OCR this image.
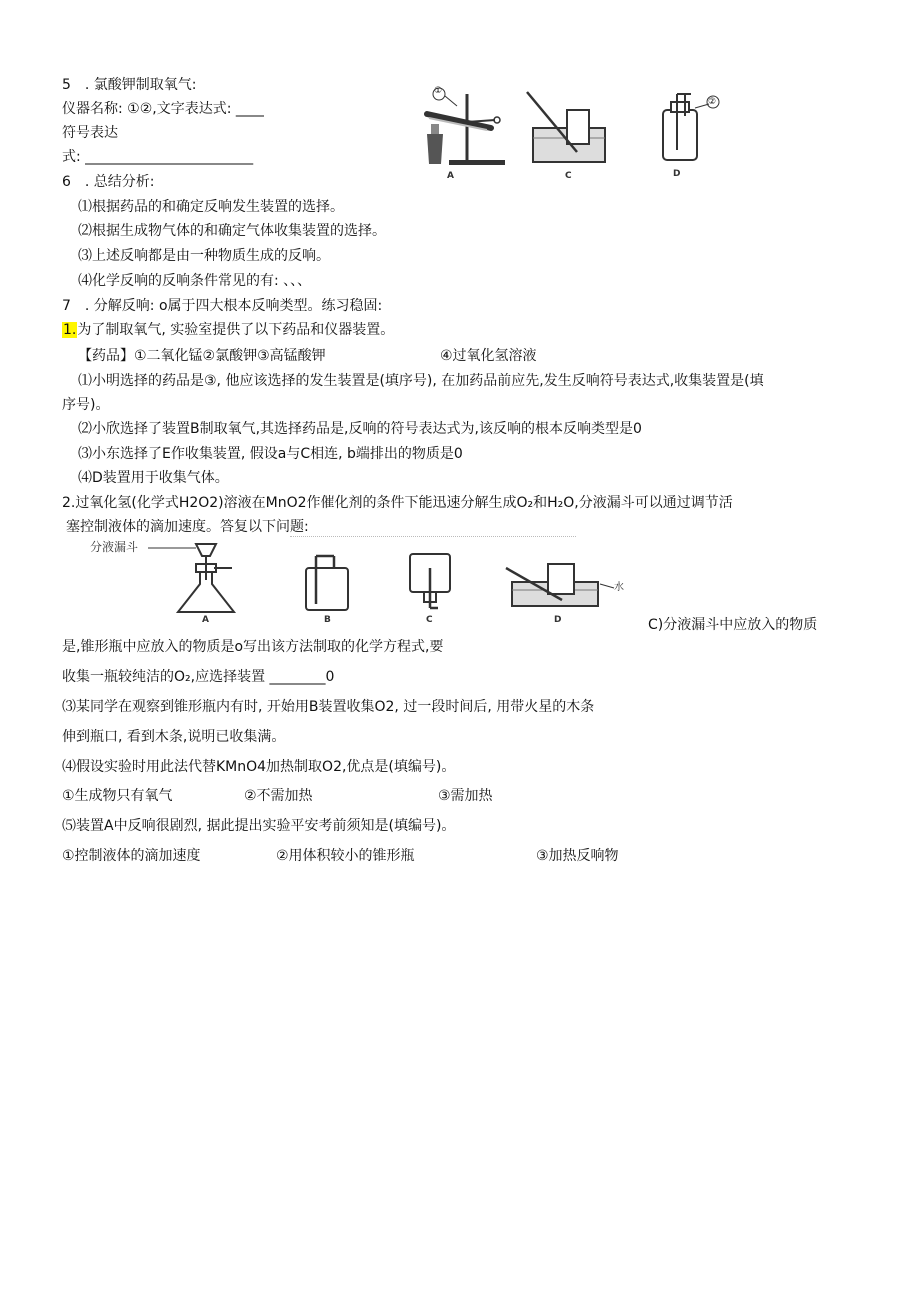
5　. 氯酸钾制取氧气:
仪器名称: ①②,文字表达式: ____
符号表达
式: ________________________
A	C	D
①
②
6　. 总结分析:
⑴根据药品的和确定反响发生装置的选择。
⑵根据生成物气体的和确定气体收集装置的选择。
⑶上述反响都是由一种物质生成的反响。
⑷化学反响的反响条件常见的有: 、、、
7　. 分解反响: o属于四大根本反响类型。练习稳固:
1.为了制取氧气, 实验室提供了以下药品和仪器装置。
【药品】①二氧化锰②氯酸钾③高锰酸钾	④过氧化氢溶液
⑴小明选择的药品是③, 他应该选择的发生装置是(填序号), 在加药品前应先,发生反响符号表达式,收集装置是(填
序号)。
⑵小欣选择了装置B制取氧气,其选择药品是,反响的符号表达式为,该反响的根本反响类型是0
⑶小东选择了E作收集装置, 假设a与C相连, b端排出的物质是0
⑷D装置用于收集气体。
2.过氧化氢(化学式H2O2)溶液在MnO2作催化剂的条件下能迅速分解生成O₂和H₂O,分液漏斗可以通过调节活
塞控制液体的滴加速度。答复以下问题:
A	B	C	D
分液漏斗
水
C)分液漏斗中应放入的物质
是,锥形瓶中应放入的物质是o写出该方法制取的化学方程式,要
收集一瓶较纯洁的O₂,应选择装置 ________0
⑶某同学在观察到锥形瓶内有时, 开始用B装置收集O2, 过一段时间后, 用带火星的木条
伸到瓶口, 看到木条,说明已收集满。
⑷假设实验时用此法代替KMnO4加热制取O2,优点是(填编号)。
①生成物只有氧气	②不需加热	③需加热
⑸装置A中反响很剧烈, 据此提出实验平安考前须知是(填编号)。
①控制液体的滴加速度	②用体积较小的锥形瓶	③加热反响物
